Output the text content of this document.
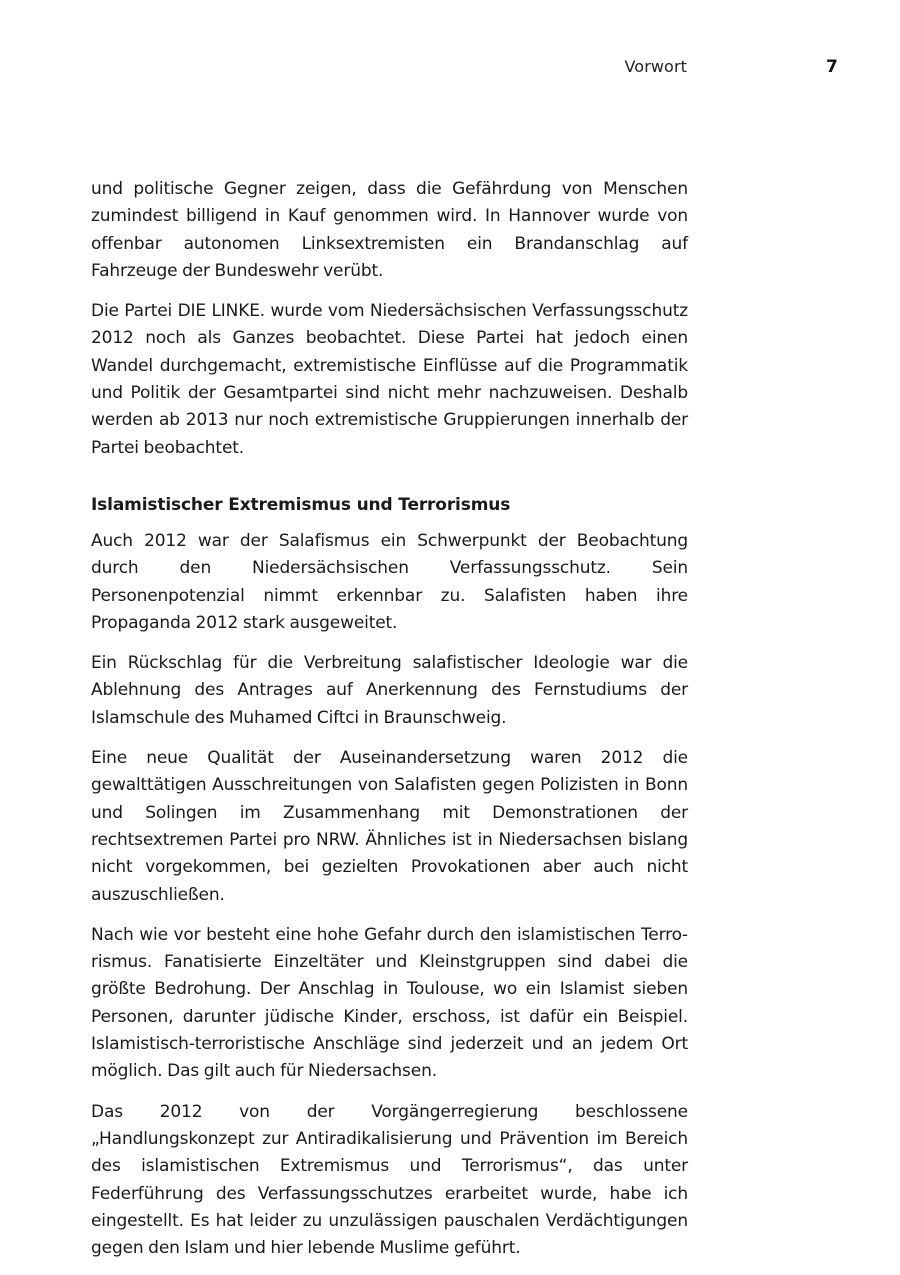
Vorwort	7

und politische Gegner zeigen, dass die Gefährdung von Menschen zumindest billigend in Kauf genommen wird. In Hannover wurde von offenbar autonomen Linksextremisten ein Brandanschlag auf Fahrzeuge der Bundeswehr verübt.

Die Partei DIE LINKE. wurde vom Niedersächsischen Verfassungsschutz 2012 noch als Ganzes beobachtet. Diese Partei hat jedoch einen Wandel durchgemacht, extremistische Einflüsse auf die Programmatik und Politik der Gesamtpartei sind nicht mehr nachzuweisen. Deshalb werden ab 2013 nur noch extremistische Gruppierungen innerhalb der Partei beobachtet.

Islamistischer Extremismus und Terrorismus

Auch 2012 war der Salafismus ein Schwerpunkt der Beobachtung durch den Niedersächsischen Verfassungsschutz. Sein Personenpotenzial nimmt erkennbar zu. Salafisten haben ihre Propaganda 2012 stark ausgeweitet.

Ein Rückschlag für die Verbreitung salafistischer Ideologie war die Ablehnung des Antrages auf Anerkennung des Fernstudiums der Islamschule des Muhamed Ciftci in Braunschweig.

Eine neue Qualität der Auseinandersetzung waren 2012 die gewalttätigen Ausschreitungen von Salafisten gegen Polizisten in Bonn und Solingen im Zusammenhang mit Demonstrationen der rechtsextremen Partei pro NRW. Ähnliches ist in Niedersachsen bislang nicht vorgekommen, bei gezielten Provokationen aber auch nicht auszuschließen.

Nach wie vor besteht eine hohe Gefahr durch den islamistischen Terrorismus. Fanatisierte Einzeltäter und Kleinstgruppen sind dabei die größte Bedrohung. Der Anschlag in Toulouse, wo ein Islamist sieben Personen, darunter jüdische Kinder, erschoss, ist dafür ein Beispiel. Islamistisch-terroristische Anschläge sind jederzeit und an jedem Ort möglich. Das gilt auch für Niedersachsen.

Das 2012 von der Vorgängerregierung beschlossene „Handlungskonzept zur Antiradikalisierung und Prävention im Bereich des islamistischen Extremismus und Terrorismus“, das unter Federführung des Verfassungsschutzes erarbeitet wurde, habe ich eingestellt. Es hat leider zu unzulässigen pauschalen Verdächtigungen gegen den Islam und hier lebende Muslime geführt.
